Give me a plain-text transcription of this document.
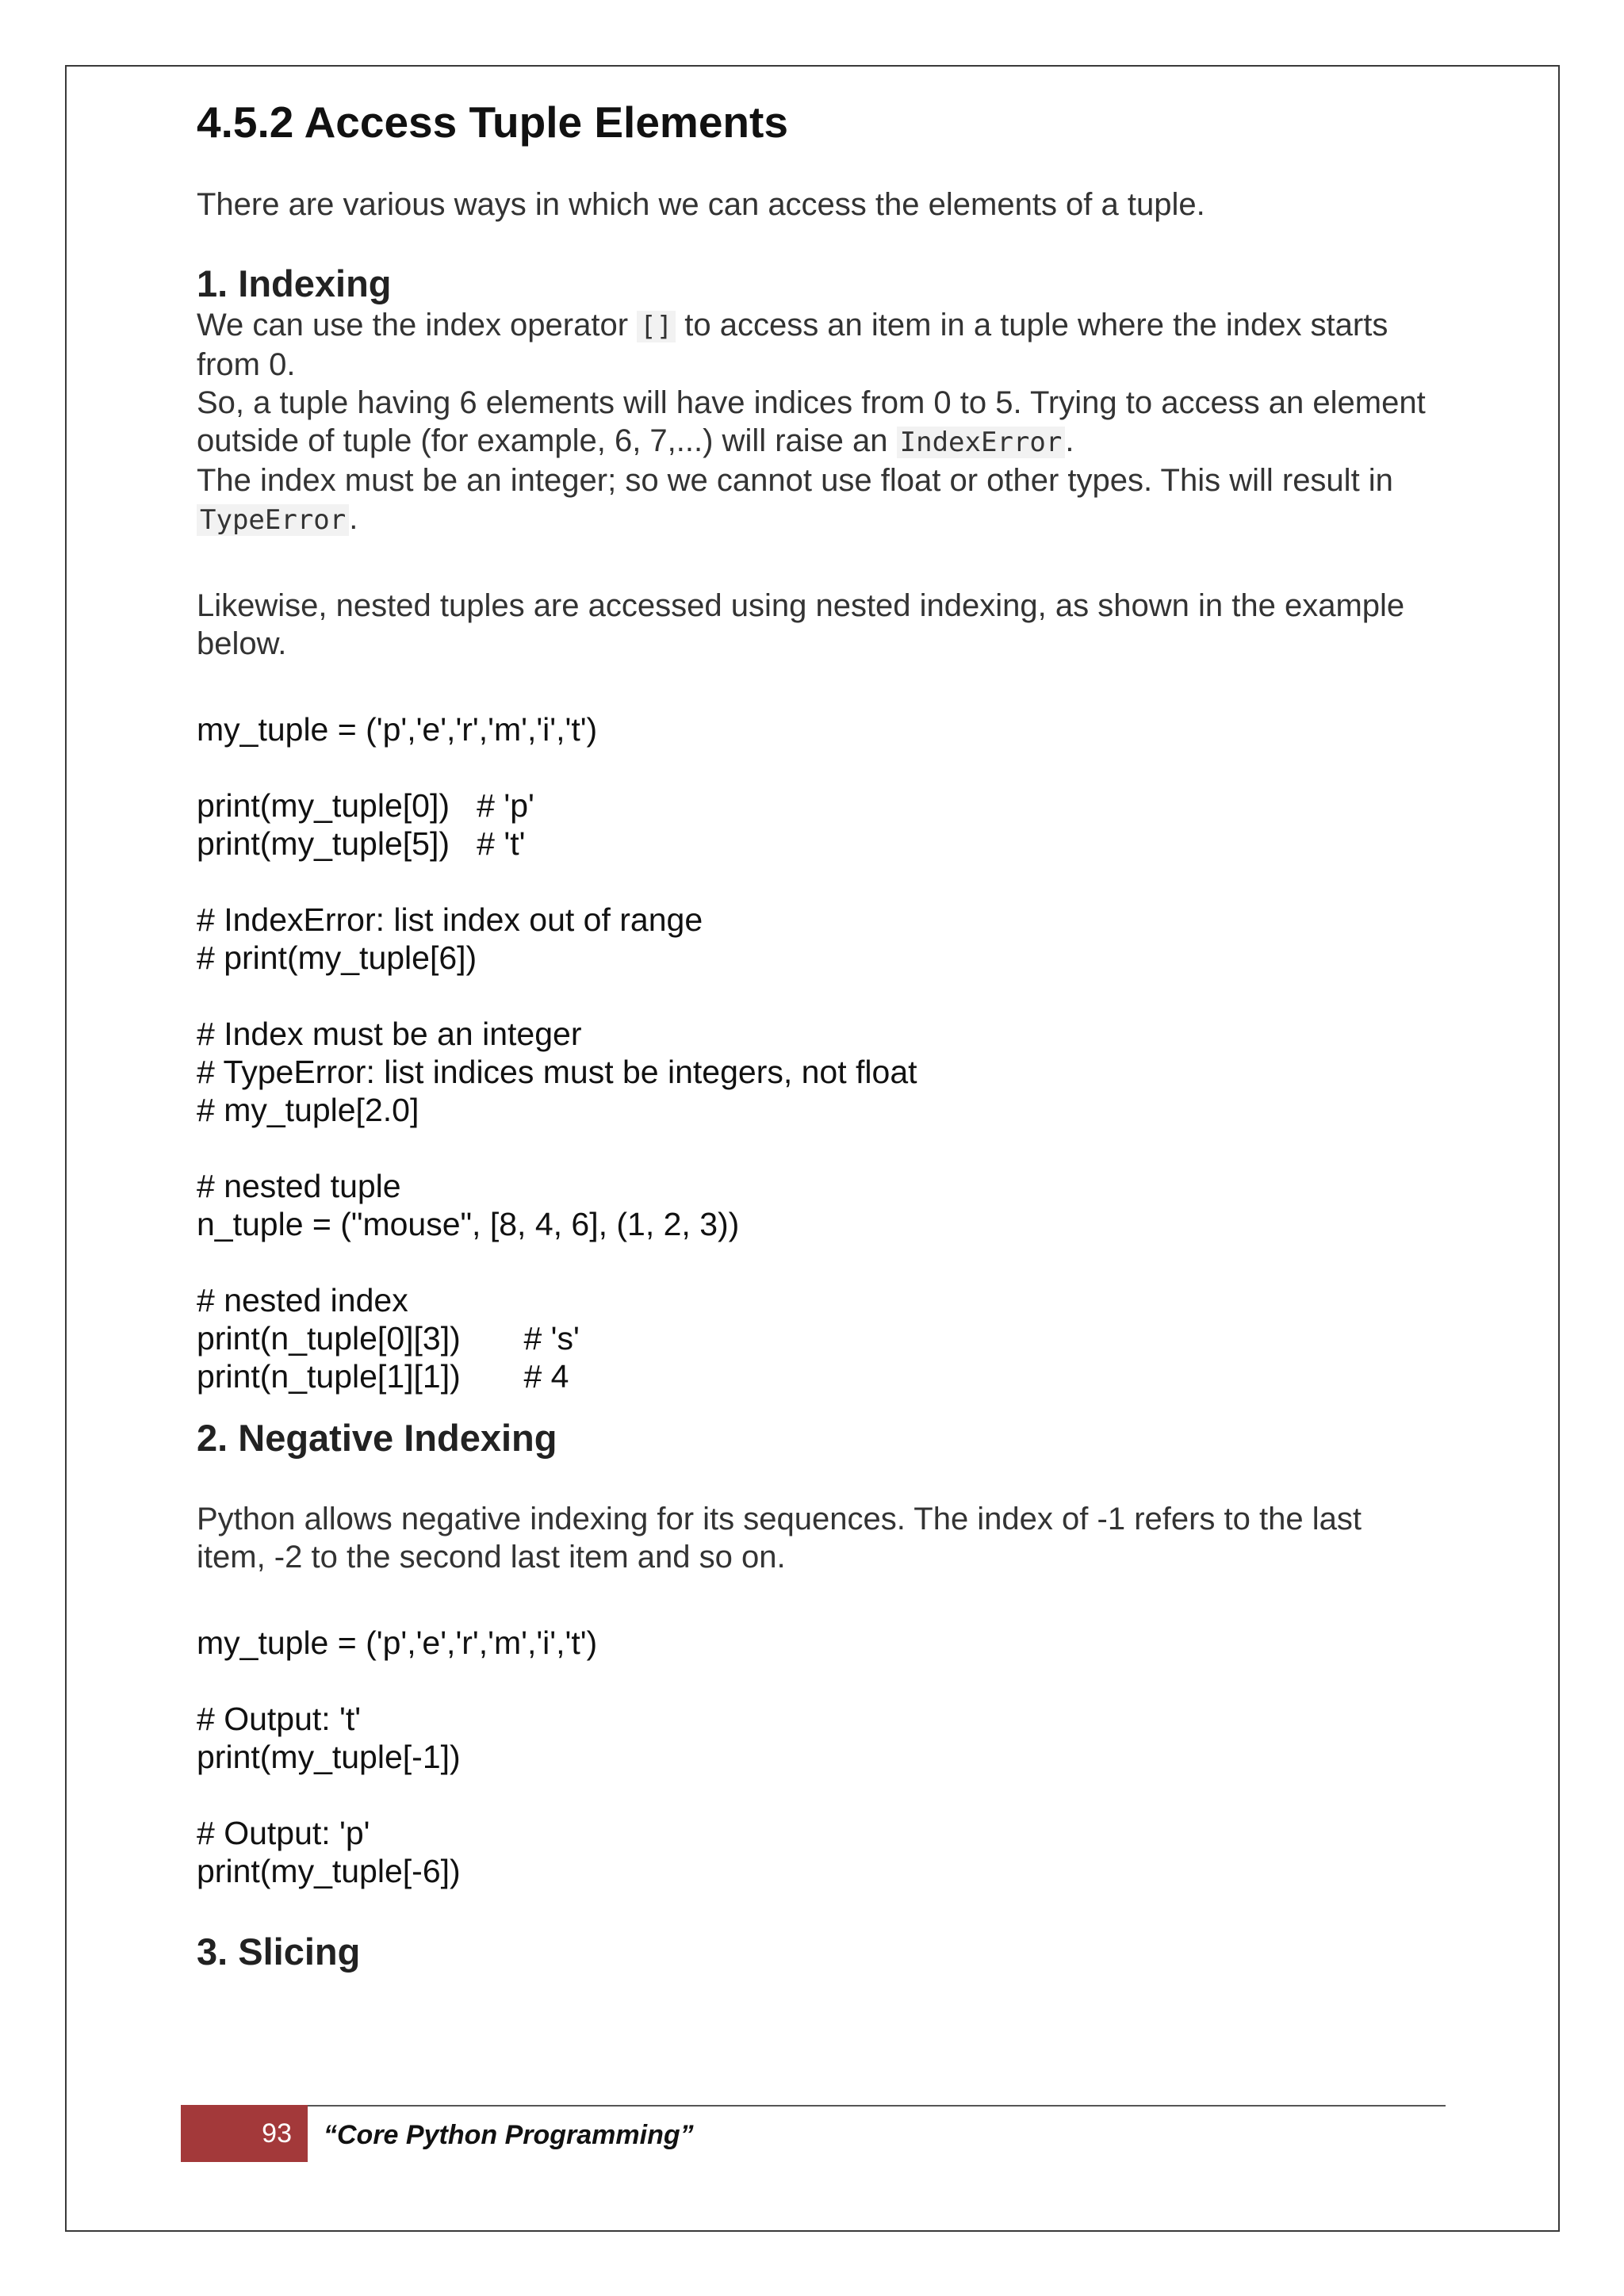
4.5.2 Access Tuple Elements

There are various ways in which we can access the elements of a tuple.

1. Indexing

We can use the index operator [] to access an item in a tuple where the index starts from 0.

So, a tuple having 6 elements will have indices from 0 to 5. Trying to access an element outside of tuple (for example, 6, 7,...) will raise an IndexError .

The index must be an integer; so we cannot use float or other types. This will result in TypeError .

Likewise, nested tuples are accessed using nested indexing, as shown in the example below.

my_tuple = ('p','e','r','m','i','t')
print(my_tuple[0])   # 'p'
print(my_tuple[5])   # 't'
# IndexError: list index out of range
# print(my_tuple[6])
# Index must be an integer
# TypeError: list indices must be integers, not float
# my_tuple[2.0]
# nested tuple
n_tuple = ("mouse", [8, 4, 6], (1, 2, 3))
# nested index
print(n_tuple[0][3])       # 's'
print(n_tuple[1][1])       # 4
2. Negative Indexing

Python allows negative indexing for its sequences. The index of -1 refers to the last item, -2 to the second last item and so on.

my_tuple = ('p','e','r','m','i','t')
# Output: 't'
print(my_tuple[-1])
# Output: 'p'
print(my_tuple[-6])
3. Slicing
93 “Core Python Programming”
